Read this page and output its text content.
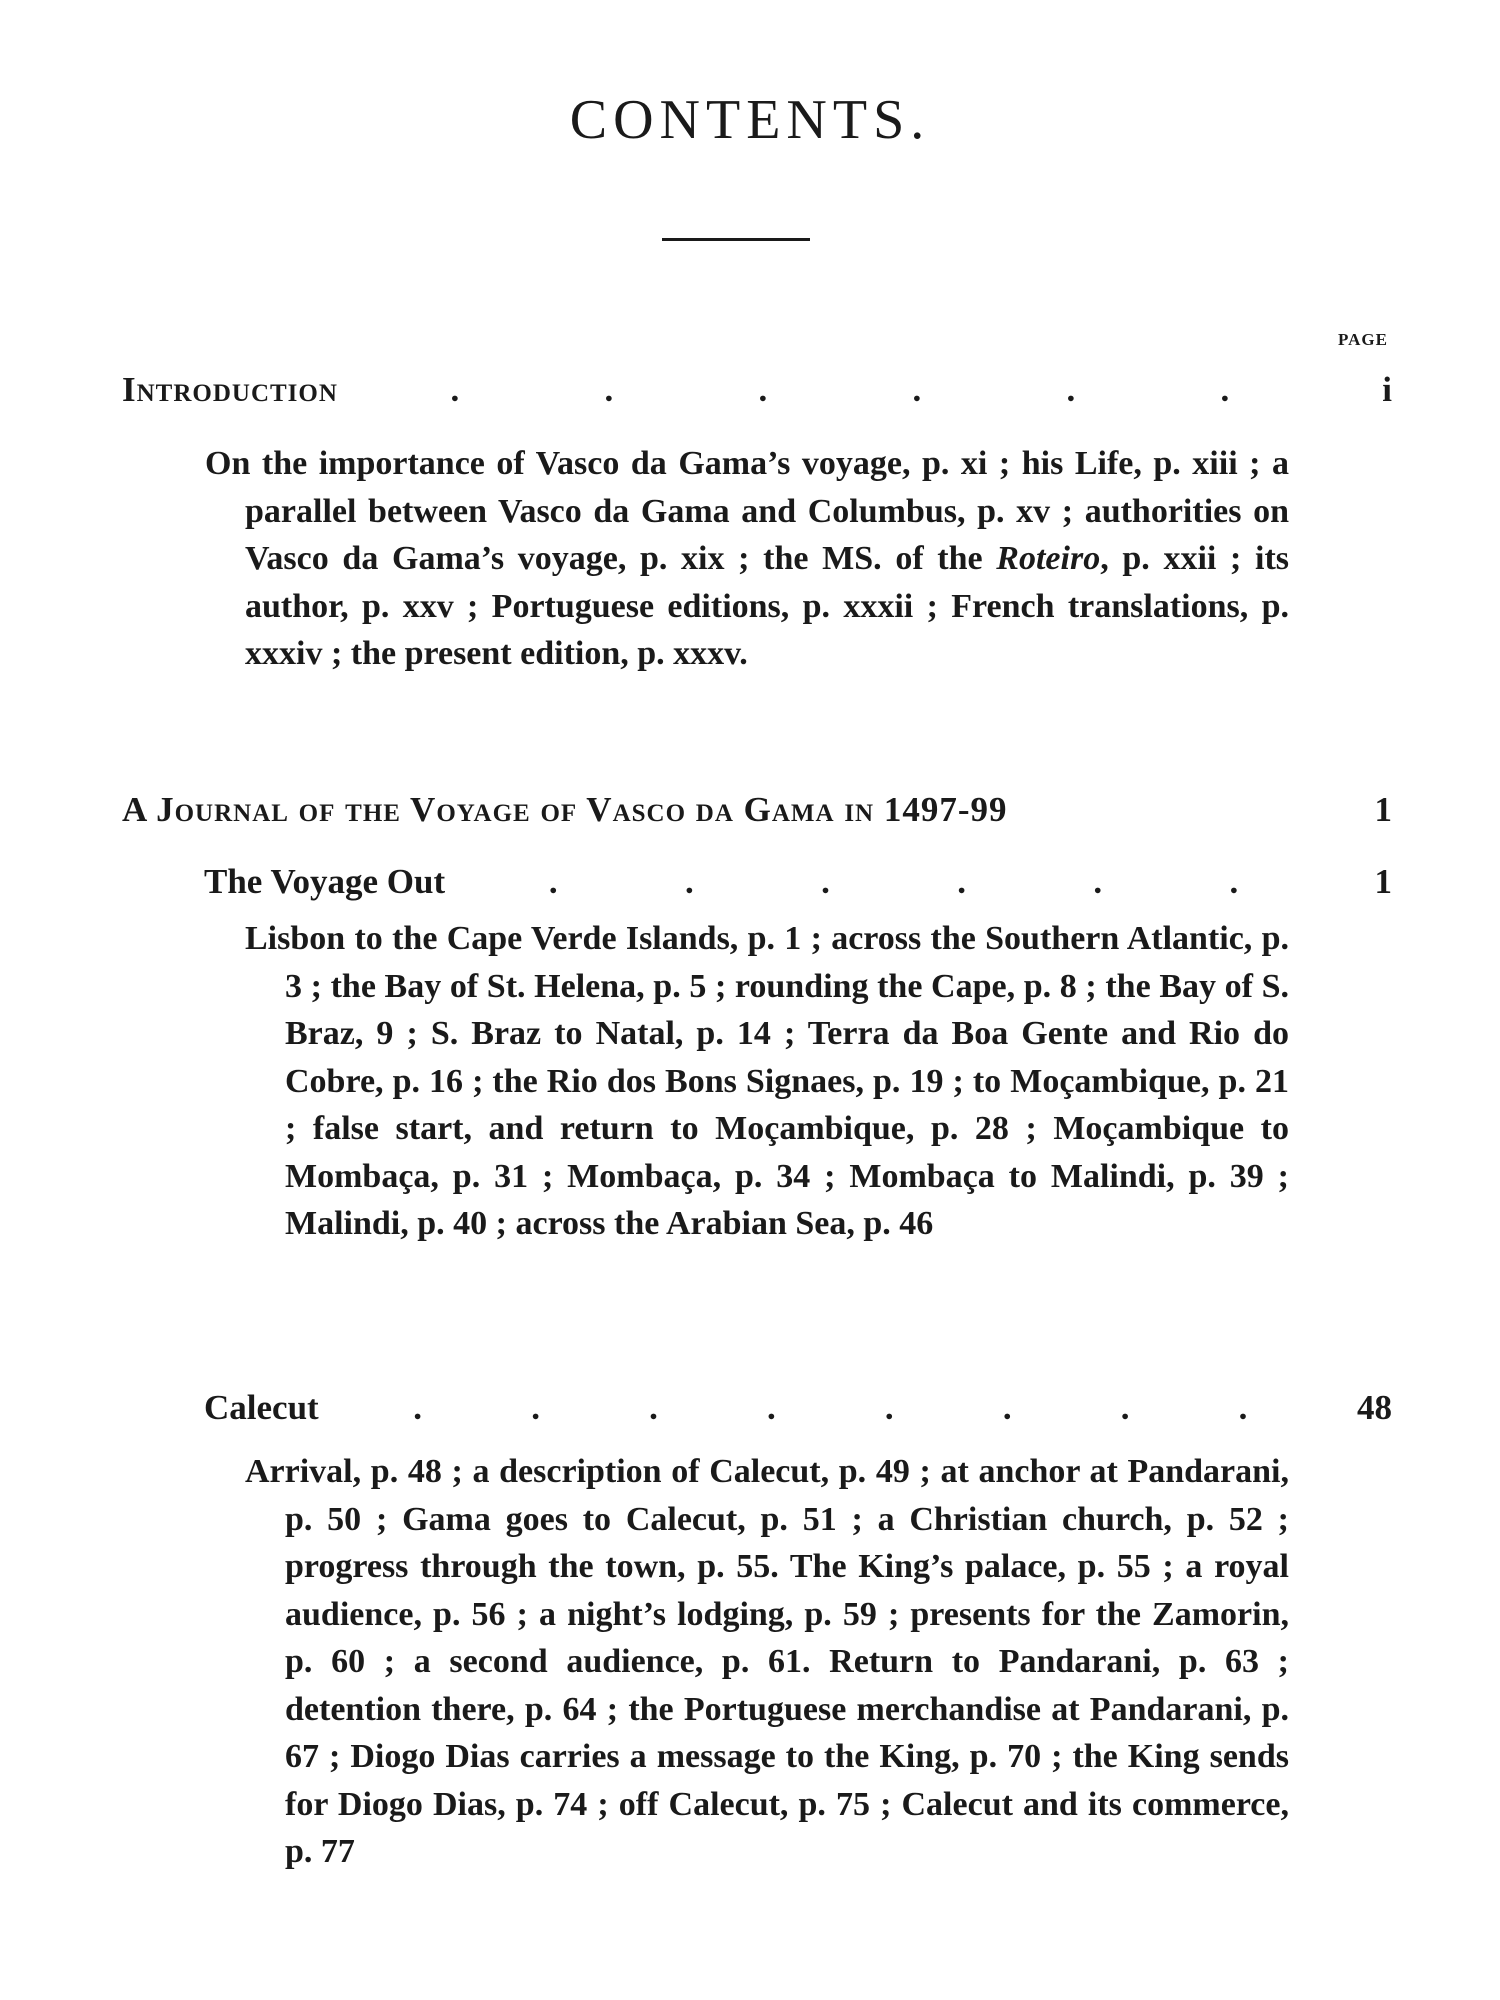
CONTENTS.
PAGE
Introduction	.	.	.	.	.	.	i

On the importance of Vasco da Gama’s voyage, p. xi ; his Life, p. xiii ; a parallel between Vasco da Gama and Columbus, p. xv ; authorities on Vasco da Gama’s voyage, p. xix ; the MS. of the Roteiro, p. xxii ; its author, p. xxv ; Portuguese editions, p. xxxii ; French translations, p. xxxiv ; the present edition, p. xxxv.

A Journal of the Voyage of Vasco da Gama in 1497-99	1
The Voyage Out	.	.	.	.	.	.	1

Lisbon to the Cape Verde Islands, p. 1 ; across the Southern Atlantic, p. 3 ; the Bay of St. Helena, p. 5 ; rounding the Cape, p. 8 ; the Bay of S. Braz, 9 ; S. Braz to Natal, p. 14 ; Terra da Boa Gente and Rio do Cobre, p. 16 ; the Rio dos Bons Signaes, p. 19 ; to Moçambique, p. 21 ; false start, and return to Moçambique, p. 28 ; Moçambique to Mombaça, p. 31 ; Mombaça, p. 34 ; Mombaça to Malindi, p. 39 ; Malindi, p. 40 ; across the Arabian Sea, p. 46

Calecut	.	.	.	.	.	.	.	.	48

Arrival, p. 48 ; a description of Calecut, p. 49 ; at anchor at Pandarani, p. 50 ; Gama goes to Calecut, p. 51 ; a Christian church, p. 52 ; progress through the town, p. 55. The King’s palace, p. 55 ; a royal audience, p. 56 ; a night’s lodging, p. 59 ; presents for the Zamorin, p. 60 ; a second audience, p. 61. Return to Pandarani, p. 63 ; detention there, p. 64 ; the Portuguese merchandise at Pandarani, p. 67 ; Diogo Dias carries a message to the King, p. 70 ; the King sends for Diogo Dias, p. 74 ; off Calecut, p. 75 ; Calecut and its commerce, p. 77
